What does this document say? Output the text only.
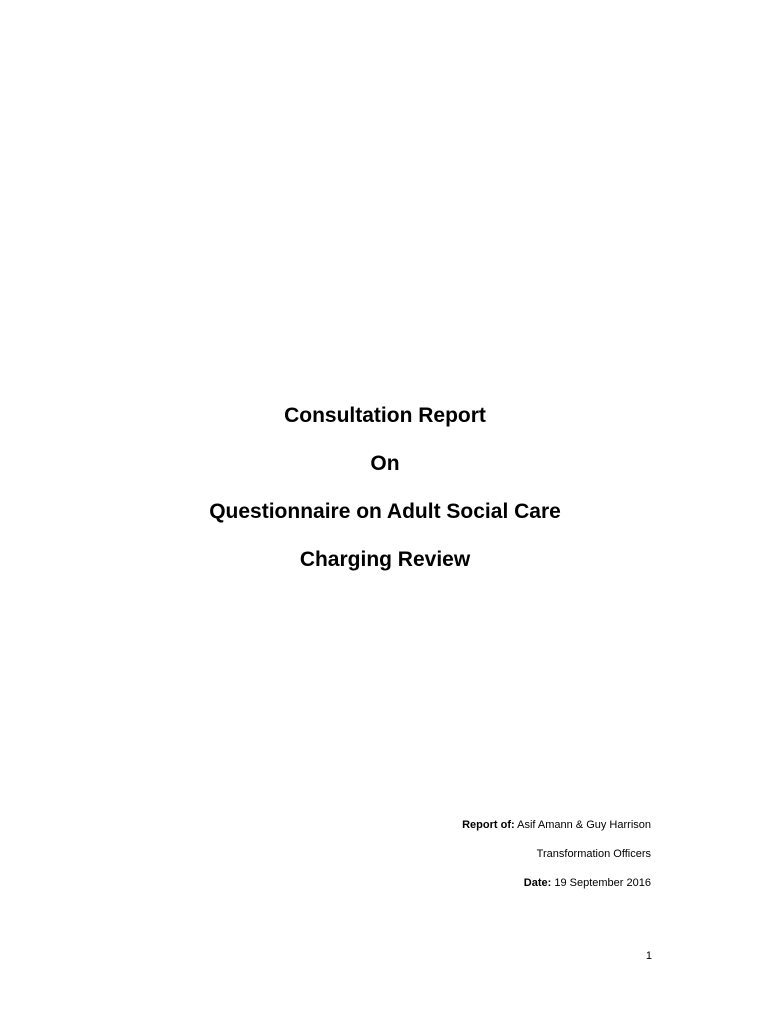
Consultation Report

On

Questionnaire on Adult Social Care

Charging Review

Report of: Asif Amann & Guy Harrison

Transformation Officers

Date: 19 September 2016

1
